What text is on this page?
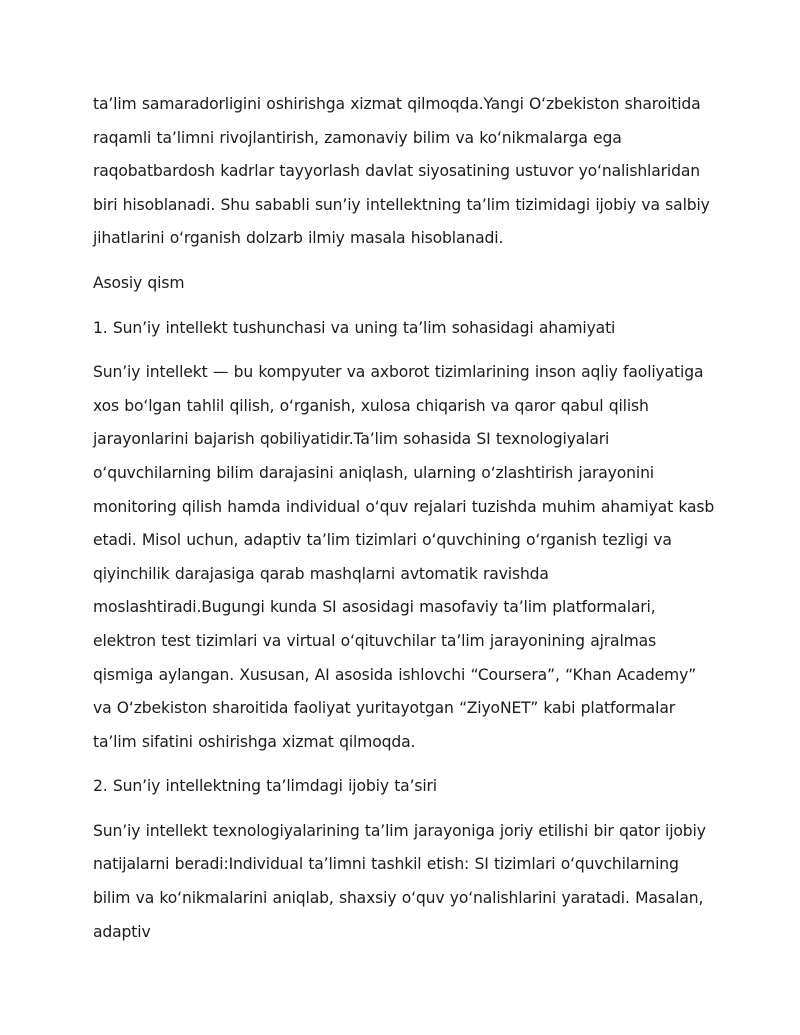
ta’lim samaradorligini oshirishga xizmat qilmoqda.Yangi O‘zbekiston sharoitida raqamli ta’limni rivojlantirish, zamonaviy bilim va ko‘nikmalarga ega raqobatbardosh kadrlar tayyorlash davlat siyosatining ustuvor yo‘nalishlaridan biri hisoblanadi. Shu sababli sun’iy intellektning ta’lim tizimidagi ijobiy va salbiy jihatlarini o‘rganish dolzarb ilmiy masala hisoblanadi.

Asosiy qism

1. Sun’iy intellekt tushunchasi va uning ta’lim sohasidagi ahamiyati

Sun’iy intellekt — bu kompyuter va axborot tizimlarining inson aqliy faoliyatiga xos bo‘lgan tahlil qilish, o‘rganish, xulosa chiqarish va qaror qabul qilish jarayonlarini bajarish qobiliyatidir.Ta’lim sohasida SI texnologiyalari o‘quvchilarning bilim darajasini aniqlash, ularning o‘zlashtirish jarayonini monitoring qilish hamda individual o‘quv rejalari tuzishda muhim ahamiyat kasb etadi. Misol uchun, adaptiv ta’lim tizimlari o‘quvchining o‘rganish tezligi va qiyinchilik darajasiga qarab mashqlarni avtomatik ravishda moslashtiradi.Bugungi kunda SI asosidagi masofaviy ta’lim platformalari, elektron test tizimlari va virtual o‘qituvchilar ta’lim jarayonining ajralmas qismiga aylangan. Xususan, AI asosida ishlovchi “Coursera”, “Khan Academy” va O‘zbekiston sharoitida faoliyat yuritayotgan “ZiyoNET” kabi platformalar ta’lim sifatini oshirishga xizmat qilmoqda.

2. Sun’iy intellektning ta’limdagi ijobiy ta’siri

Sun’iy intellekt texnologiyalarining ta’lim jarayoniga joriy etilishi bir qator ijobiy natijalarni beradi:Individual ta’limni tashkil etish: SI tizimlari o‘quvchilarning bilim va ko‘nikmalarini aniqlab, shaxsiy o‘quv yo‘nalishlarini yaratadi. Masalan, adaptiv
